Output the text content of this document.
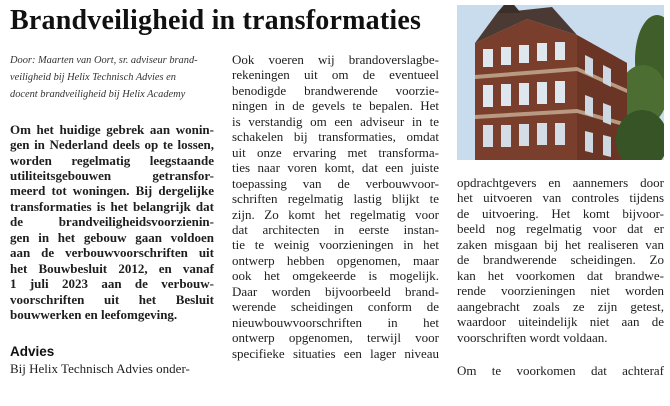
Brandveiligheid in transformaties

Door: Maarten van Oort, sr. adviseur brand-
veiligheid bij Helix Technisch Advies en
docent brandveiligheid bij Helix Academy

Om het huidige gebrek aan wonin-
gen in Nederland deels op te lossen,
worden regelmatig leegstaande
utiliteitsgebouwen getransfor-
meerd tot woningen. Bij dergelijke
transformaties is het belangrijk dat
de brandveiligheidsvoorzienin-
gen in het gebouw gaan voldoen
aan de verbouwvoorschriften uit
het Bouwbesluit 2012, en vanaf
1 juli 2023 aan de verbouw-
voorschriften uit het Besluit
bouwwerken en leefomgeving.

Advies

Bij Helix Technisch Advies onder-

Ook voeren wij brandoverslagbe-
rekeningen uit om de eventueel
benodigde brandwerende voorzie-
ningen in de gevels te bepalen. Het
is verstandig om een adviseur in te
schakelen bij transformaties, omdat
uit onze ervaring met transforma-
ties naar voren komt, dat een juiste
toepassing van de verbouwvoor-
schriften regelmatig lastig blijkt te
zijn. Zo komt het regelmatig voor
dat architecten in eerste instan-
tie te weinig voorzieningen in het
ontwerp hebben opgenomen, maar
ook het omgekeerde is mogelijk.
Daar worden bijvoorbeeld brand-
werende scheidingen conform de
nieuwbouwvoorschriften in het
ontwerp opgenomen, terwijl voor
specifieke situaties een lager niveau
opdrachtgevers en aannemers door
het uitvoeren van controles tijdens
de uitvoering. Het komt bijvoor-
beeld nog regelmatig voor dat er
zaken misgaan bij het realiseren van
de brandwerende scheidingen. Zo
kan het voorkomen dat brandwe-
rende voorzieningen niet worden
aangebracht zoals ze zijn getest,
waardoor uiteindelijk niet aan de
voorschriften wordt voldaan.
Om te voorkomen dat achteraf
